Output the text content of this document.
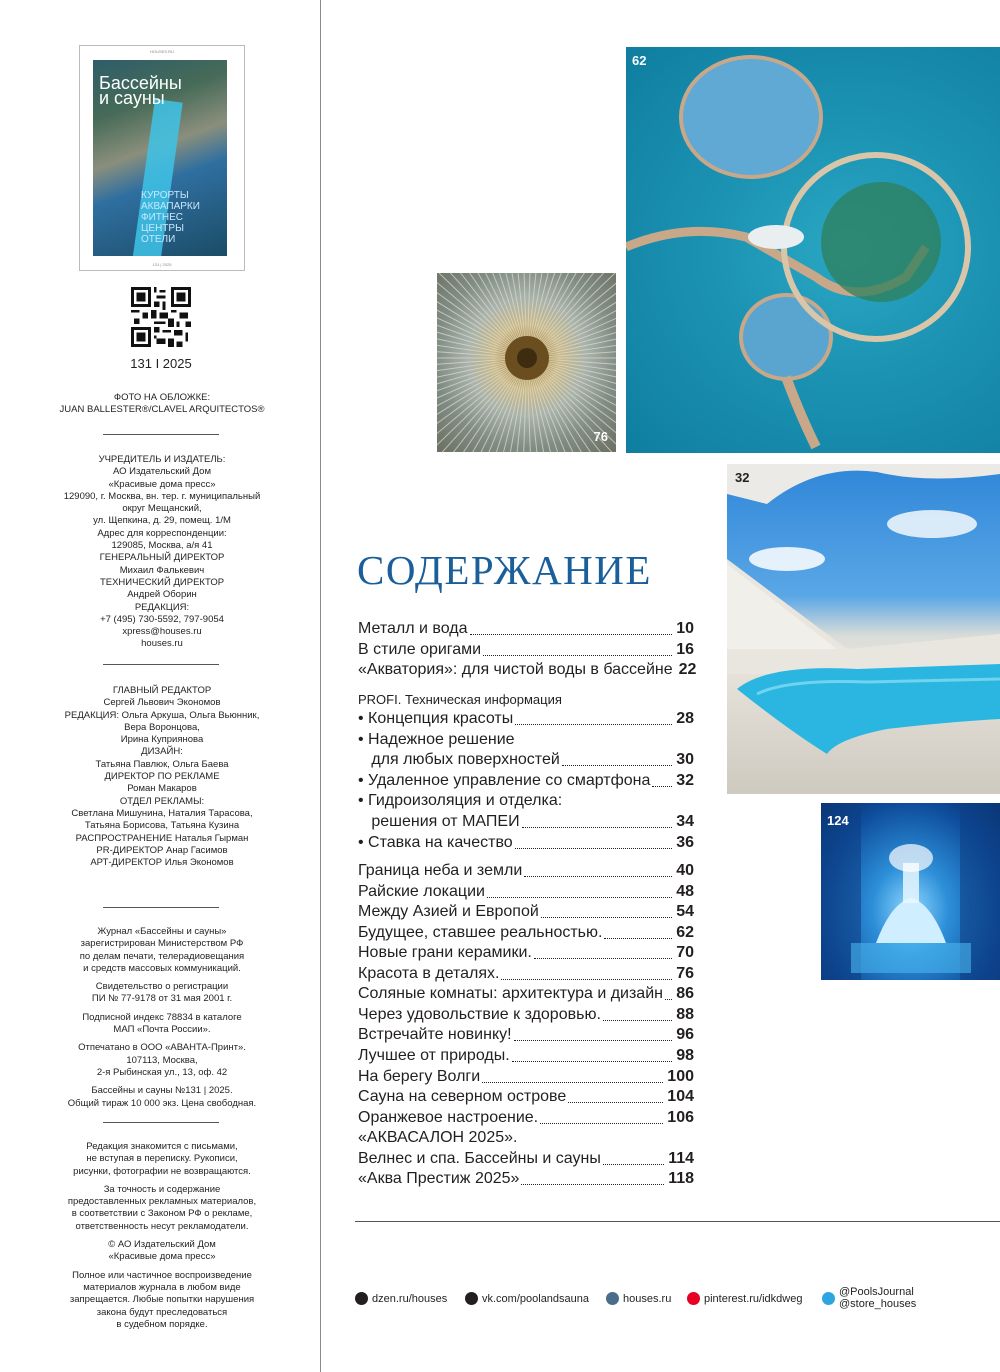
HOUSES.RU
Бассейны
и сауны
КУРОРТЫ
АКВАПАРКИ
ФИТНЕС
ЦЕНТРЫ
ОТЕЛИ
131 | 2025
131 I 2025

ФОТО НА ОБЛОЖКЕ:

JUAN BALLESTER®/CLAVEL ARQUITECTOS®

УЧРЕДИТЕЛЬ И ИЗДАТЕЛЬ:

АО Издательский Дом

«Красивые дома пресс»

129090, г. Москва, вн. тер. г. муниципальный

округ Мещанский,

ул. Щепкина, д. 29, помещ. 1/М

Адрес для корреспонденции:

129085, Москва, а/я 41

ГЕНЕРАЛЬНЫЙ ДИРЕКТОР

Михаил Фалькевич

ТЕХНИЧЕСКИЙ ДИРЕКТОР

Андрей Оборин

РЕДАКЦИЯ:

+7 (495) 730-5592, 797-9054

xpress@houses.ru

houses.ru

ГЛАВНЫЙ РЕДАКТОР

Сергей Львович Экономов

РЕДАКЦИЯ: Ольга Аркуша, Ольга Вьюнник,

Вера Воронцова,

Ирина Куприянова

ДИЗАЙН:

Татьяна Павлюк, Ольга Баева

ДИРЕКТОР ПО РЕКЛАМЕ

Роман Макаров

ОТДЕЛ РЕКЛАМЫ:

Светлана Мишунина, Наталия Тарасова,

Татьяна Борисова, Татьяна Кузина

РАСПРОСТРАНЕНИЕ Наталья Гырман

PR-ДИРЕКТОР Анар Гасимов

АРТ-ДИРЕКТОР Илья Экономов

Журнал «Бассейны и сауны»

зарегистрирован Министерством РФ

по делам печати, телерадиовещания

и средств массовых коммуникаций.

Свидетельство о регистрации

ПИ № 77-9178 от 31 мая 2001 г.

Подписной индекс 78834 в каталоге

МАП «Почта России».

Отпечатано в ООО «АВАНТА-Принт».

107113, Москва,

2-я Рыбинская ул., 13, оф. 42

Бассейны и сауны №131 | 2025.

Общий тираж 10 000 экз. Цена свободная.

Редакция знакомится с письмами,

не вступая в переписку. Рукописи,

рисунки, фотографии не возвращаются.

За точность и содержание

предоставленных рекламных материалов,

в соответствии с Законом РФ о рекламе,

ответственность несут рекламодатели.

© АО Издательский Дом

«Красивые дома пресс»

Полное или частичное воспроизведение

материалов журнала в любом виде

запрещается. Любые попытки нарушения

закона будут преследоваться

в судебном порядке.

62
76
32
124
СОДЕРЖАНИЕ
Металл и вода	10
В стиле оригами	16
«Акватория»: для чистой воды в бассейне 22
PROFI. Техническая информация
• Концепция красоты	28
• Надежное решение
для любых поверхностей	30
• Удаленное управление со смартфона 32
• Гидроизоляция и отделка:
решения от МАПЕИ	34
• Ставка на качество	36
Граница неба и земли	40
Райские локации	48
Между Азией и Европой	54
Будущее, ставшее реальностью.	62
Новые грани керамики.	70
Красота в деталях.	76
Соляные комнаты: архитектура и дизайн 86
Через удовольствие к здоровью.	88
Встречайте новинку!	96
Лучшее от природы.	98
На берегу Волги	100
Сауна на северном острове	104
Оранжевое настроение.	106
«АКВАСАЛОН 2025».
Велнес и спа. Бассейны и сауны	114
«Аква Престиж 2025»	118
dzen.ru/houses	vk.com/poolandsauna	houses.ru	pinterest.ru/idkdweg
@PoolsJournal
@store_houses
